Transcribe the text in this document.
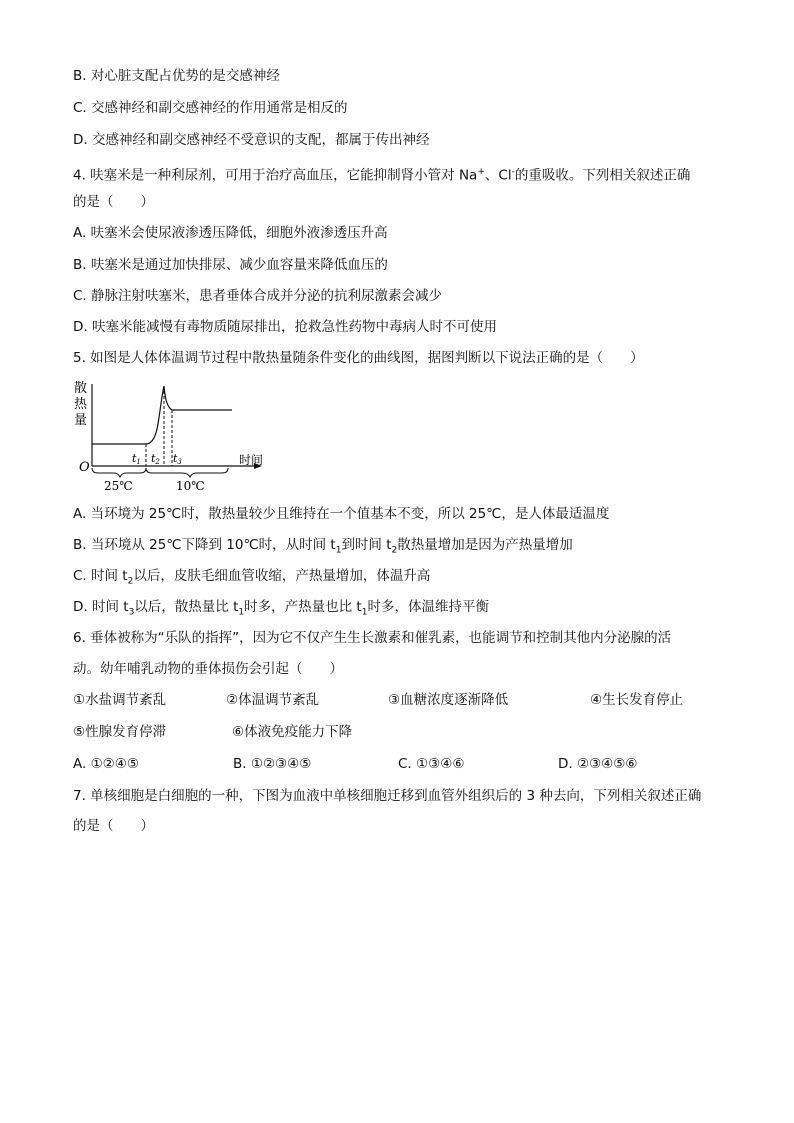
B. 对心脏支配占优势的是交感神经
C. 交感神经和副交感神经的作用通常是相反的
D. 交感神经和副交感神经不受意识的支配，都属于传出神经
4. 呋塞米是一种利尿剂，可用于治疗高血压，它能抑制肾小管对 Na+、Cl-的重吸收。下列相关叙述正确
的是（　　）
A. 呋塞米会使尿液渗透压降低，细胞外液渗透压升高
B. 呋塞米是通过加快排尿、减少血容量来降低血压的
C. 静脉注射呋塞米，患者垂体合成并分泌的抗利尿激素会减少
D. 呋塞米能减慢有毒物质随尿排出，抢救急性药物中毒病人时不可使用
5. 如图是人体体温调节过程中散热量随条件变化的曲线图，据图判断以下说法正确的是（　　）
散
热
量
O	时间
t1 t2 t3
25℃	10℃
A. 当环境为 25℃时，散热量较少且维持在一个值基本不变，所以 25℃，是人体最适温度
B. 当环境从 25℃下降到 10℃时，从时间 $t_1$到时间 $t_2$散热量增加是因为产热量增加
C. 时间 $t_2$以后，皮肤毛细血管收缩，产热量增加，体温升高
D. 时间 $t_3$以后，散热量比 $t_1$时多，产热量也比 $t_1$时多，体温维持平衡
6. 垂体被称为“乐队的指挥”，因为它不仅产生生长激素和催乳素，也能调节和控制其他内分泌腺的活
动。幼年哺乳动物的垂体损伤会引起（　　）
①水盐调节紊乱	②体温调节紊乱	③血糖浓度逐渐降低	④生长发育停止
⑤性腺发育停滞	⑥体液免疫能力下降
A. ①②④⑤	B. ①②③④⑤	C. ①③④⑥	D. ②③④⑤⑥
7. 单核细胞是白细胞的一种，下图为血液中单核细胞迁移到血管外组织后的 3 种去向，下列相关叙述正确
的是（　　）
